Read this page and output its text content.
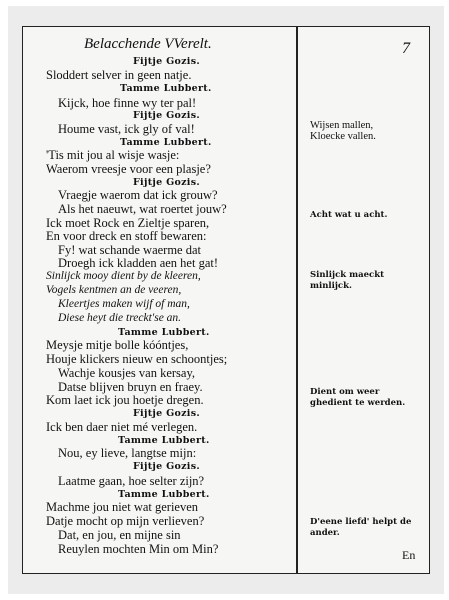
Belacchende VVerelt.	7
Fijtje Gozis.
Sloddert selver in geen natje.
Tamme Lubbert.
Kijck, hoe finne wy ter pal!
Fijtje Gozis.
Houme vast, ick gly of val!
Tamme Lubbert.
'Tis mit jou al wisje wasje:
Waerom vreesje voor een plasje?
Fijtje Gozis.
Vraegje waerom dat ick grouw?
Als het naeuwt, wat roertet jouw?
Ick moet Rock en Zieltje sparen,
En voor dreck en stoff bewaren:
Fy! wat schande waerme dat
Droegh ick kladden aen het gat!
Sinlijck mooy dient by de kleeren,
Vogels kentmen an de veeren,
Kleertjes maken wijf of man,
Diese heyt die treckt'se an.
Tamme Lubbert.
Meysje mitje bolle kóóntjes,
Houje klickers nieuw en schoontjes;
Wachje kousjes van kersay,
Datse blijven bruyn en fraey.
Kom laet ick jou hoetje dregen.
Fijtje Gozis.
Ick ben daer niet mé verlegen.
Tamme Lubbert.
Nou, ey lieve, langtse mijn:
Fijtje Gozis.
Laatme gaan, hoe selter zijn?
Tamme Lubbert.
Machme jou niet wat gerieven
Datje mocht op mijn verlieven?
Dat, en jou, en mijne sin
Reuylen mochten Min om Min?
Wijsen mallen,
Kloecke vallen.
Acht wat u acht.
Sinlijck maeckt minlijck.
Dient om weer ghedient te werden.
D'eene liefd' helpt de ander.
En
